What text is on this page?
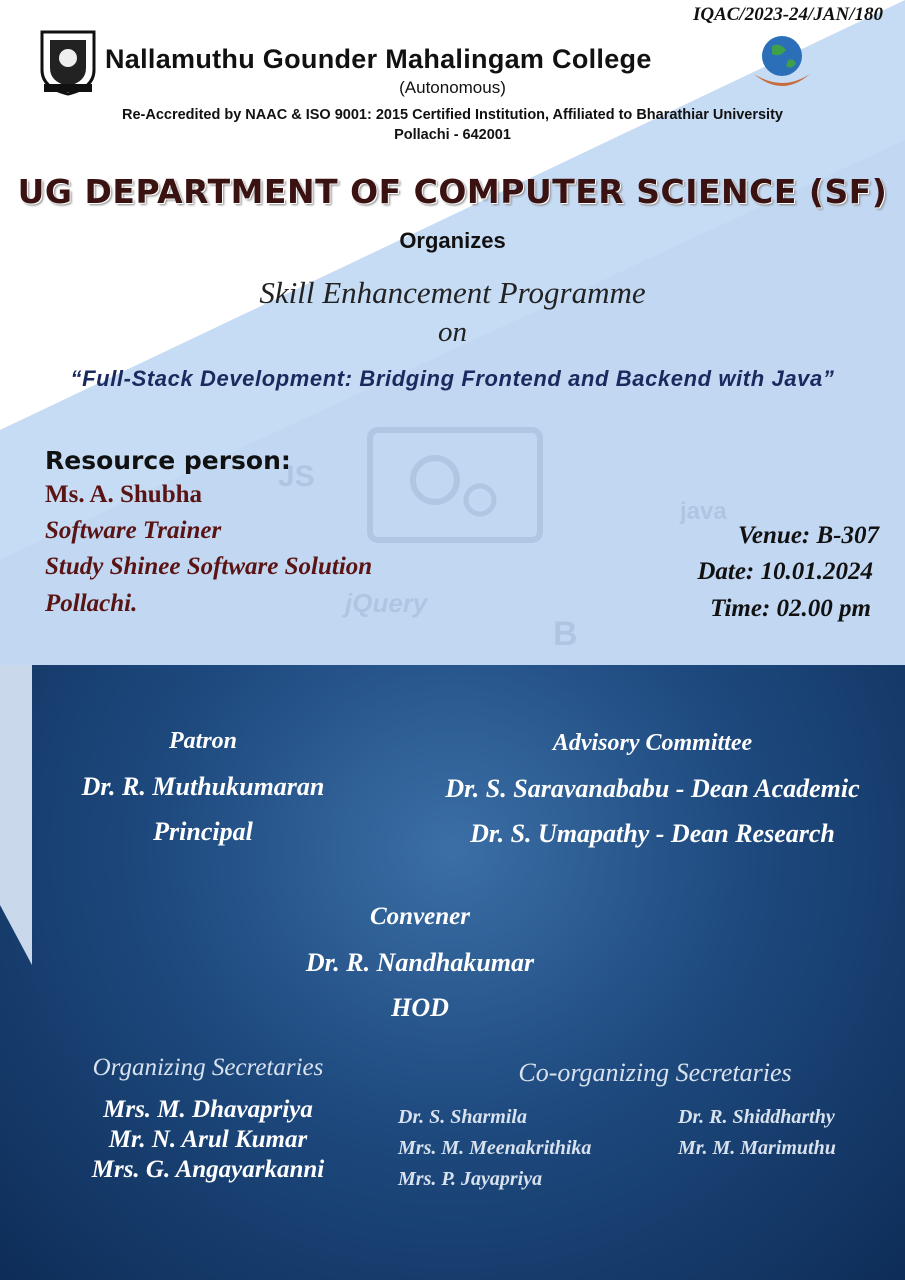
JS
jQuery
B
java
IQAC/2023-24/JAN/180
Nallamuthu Gounder Mahalingam College
(Autonomous)
Re-Accredited by NAAC & ISO 9001: 2015 Certified Institution, Affiliated to Bharathiar University
Pollachi - 642001
UG DEPARTMENT OF COMPUTER SCIENCE (SF)
Organizes
Skill Enhancement Programme
on
“Full-Stack Development: Bridging Frontend and Backend with Java”
Resource person:
Ms. A. Shubha
Software Trainer
Study Shinee Software Solution
Pollachi.
Venue: B-307
Date: 10.01.2024
Time: 02.00 pm
Patron
Dr. R. Muthukumaran
Principal
Advisory Committee
Dr. S. Saravanababu - Dean Academic
Dr. S. Umapathy - Dean Research
Convener
Dr. R. Nandhakumar
HOD
Organizing Secretaries
Mrs. M. Dhavapriya
Mr. N. Arul Kumar
Mrs. G. Angayarkanni
Co-organizing Secretaries
Dr. S. Sharmila
Mrs. M. Meenakrithika
Mrs. P. Jayapriya
Dr. R. Shiddharthy
Mr. M. Marimuthu
